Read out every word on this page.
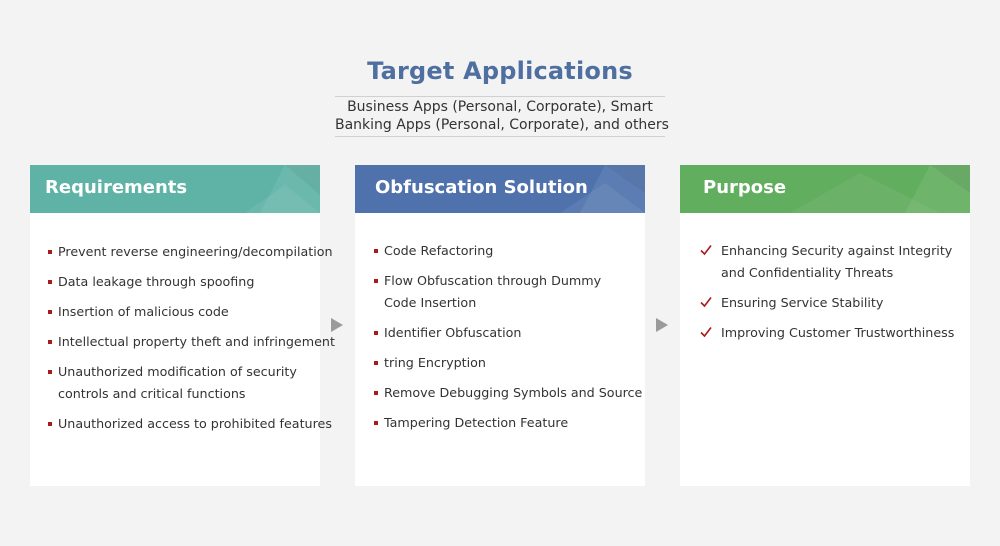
Target Applications
Business Apps (Personal, Corporate), Smart
Banking Apps (Personal, Corporate), and others
Requirements
Prevent reverse engineering/decompilation
Data leakage through spoofing
Insertion of malicious code
Intellectual property theft and infringement
Unauthorized modification of security
controls and critical functions
Unauthorized access to prohibited features
Obfuscation Solution
Code Refactoring
Flow Obfuscation through Dummy
Code Insertion
Identifier Obfuscation
tring Encryption
Remove Debugging Symbols and Source
Tampering Detection Feature
Purpose
Enhancing Security against Integrity
and Confidentiality Threats
Ensuring Service Stability
Improving Customer Trustworthiness
